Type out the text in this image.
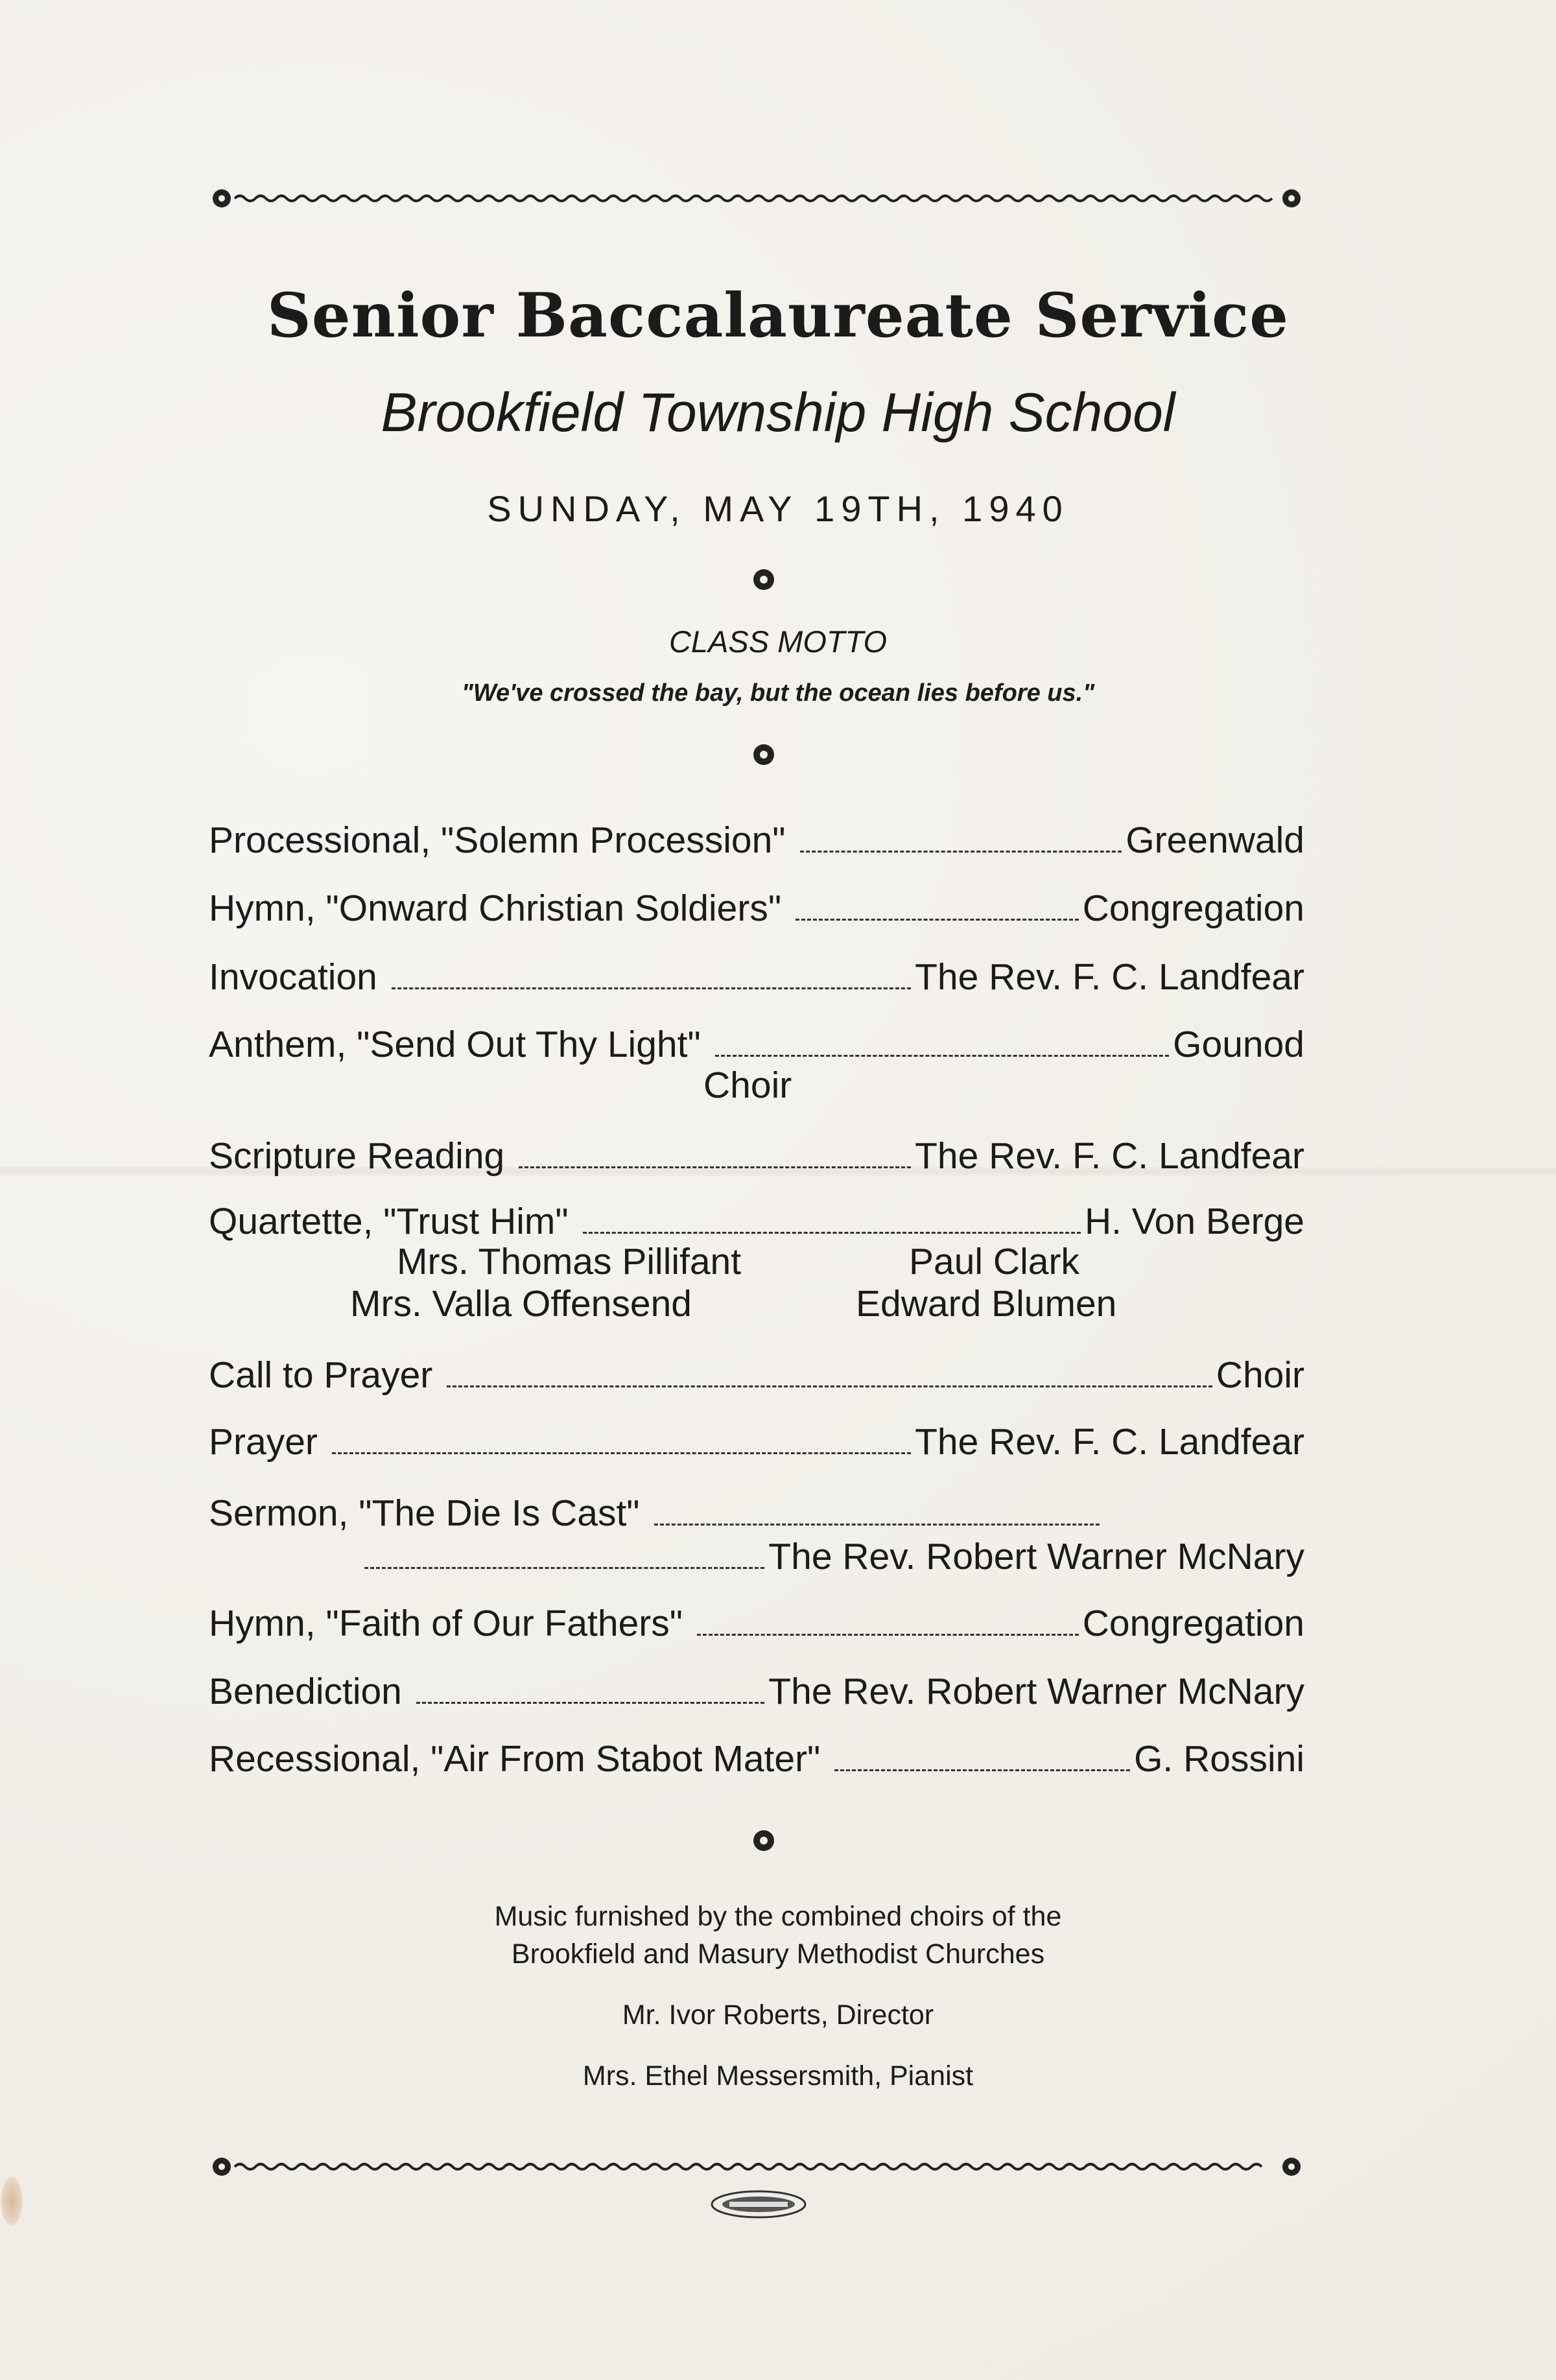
Senior Baccalaureate Service
Brookfield Township High School
SUNDAY, MAY 19TH, 1940
CLASS MOTTO
"We've crossed the bay, but the ocean lies before us."
Processional, "Solemn Procession"	Greenwald
Hymn, "Onward Christian Soldiers"	Congregation
Invocation	The Rev. F. C. Landfear
Anthem, "Send Out Thy Light"	Gounod
Choir
Scripture Reading	The Rev. F. C. Landfear
Quartette, "Trust Him"	H. Von Berge
Mrs. Thomas Pillifant	Paul Clark
Mrs. Valla Offensend	Edward Blumen
Call to Prayer	Choir
Prayer	The Rev. F. C. Landfear
Sermon, "The Die Is Cast"
The Rev. Robert Warner McNary
Hymn, "Faith of Our Fathers"	Congregation
Benediction	The Rev. Robert Warner McNary
Recessional, "Air From Stabot Mater"	G. Rossini
Music furnished by the combined choirs of the
Brookfield and Masury Methodist Churches
Mr. Ivor Roberts, Director
Mrs. Ethel Messersmith, Pianist
